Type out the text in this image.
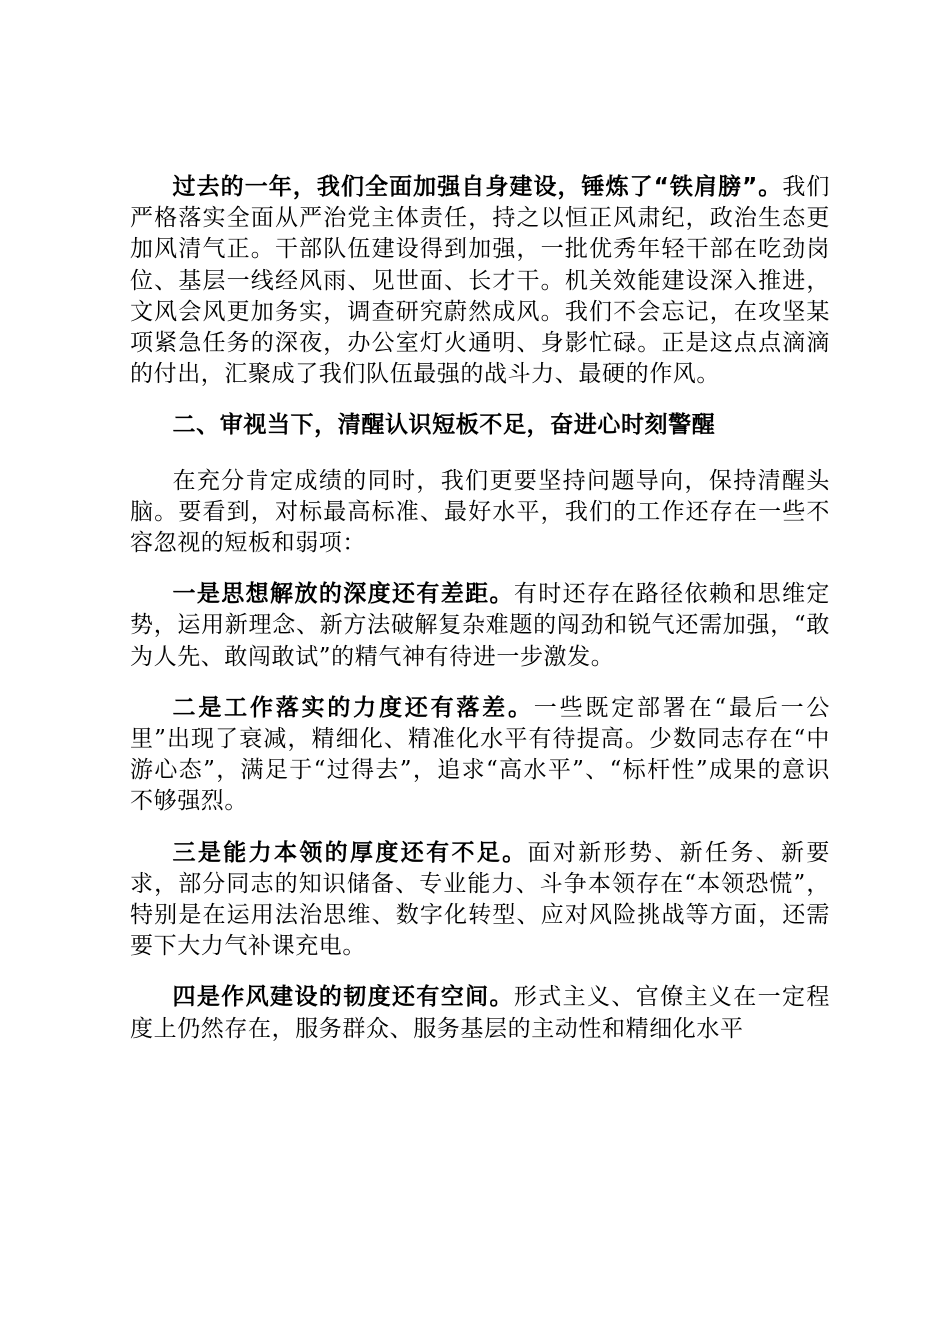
过去的一年，我们全面加强自身建设，锤炼了“铁肩膀”。我们严格落实全面从严治党主体责任，持之以恒正风肃纪，政治生态更加风清气正。干部队伍建设得到加强，一批优秀年轻干部在吃劲岗位、基层一线经风雨、见世面、长才干。机关效能建设深入推进，文风会风更加务实，调查研究蔚然成风。我们不会忘记，在攻坚某项紧急任务的深夜，办公室灯火通明、身影忙碌。正是这点点滴滴的付出，汇聚成了我们队伍最强的战斗力、最硬的作风。

二、审视当下，清醒认识短板不足，奋进心时刻警醒

在充分肯定成绩的同时，我们更要坚持问题导向，保持清醒头脑。要看到，对标最高标准、最好水平，我们的工作还存在一些不容忽视的短板和弱项：

一是思想解放的深度还有差距。有时还存在路径依赖和思维定势，运用新理念、新方法破解复杂难题的闯劲和锐气还需加强，“敢为人先、敢闯敢试”的精气神有待进一步激发。

二是工作落实的力度还有落差。一些既定部署在“最后一公里”出现了衰减，精细化、精准化水平有待提高。少数同志存在“中游心态”，满足于“过得去”，追求“高水平”、“标杆性”成果的意识不够强烈。

三是能力本领的厚度还有不足。面对新形势、新任务、新要求，部分同志的知识储备、专业能力、斗争本领存在“本领恐慌”，特别是在运用法治思维、数字化转型、应对风险挑战等方面，还需要下大力气补课充电。

四是作风建设的韧度还有空间。形式主义、官僚主义在一定程度上仍然存在，服务群众、服务基层的主动性和精细化水平
